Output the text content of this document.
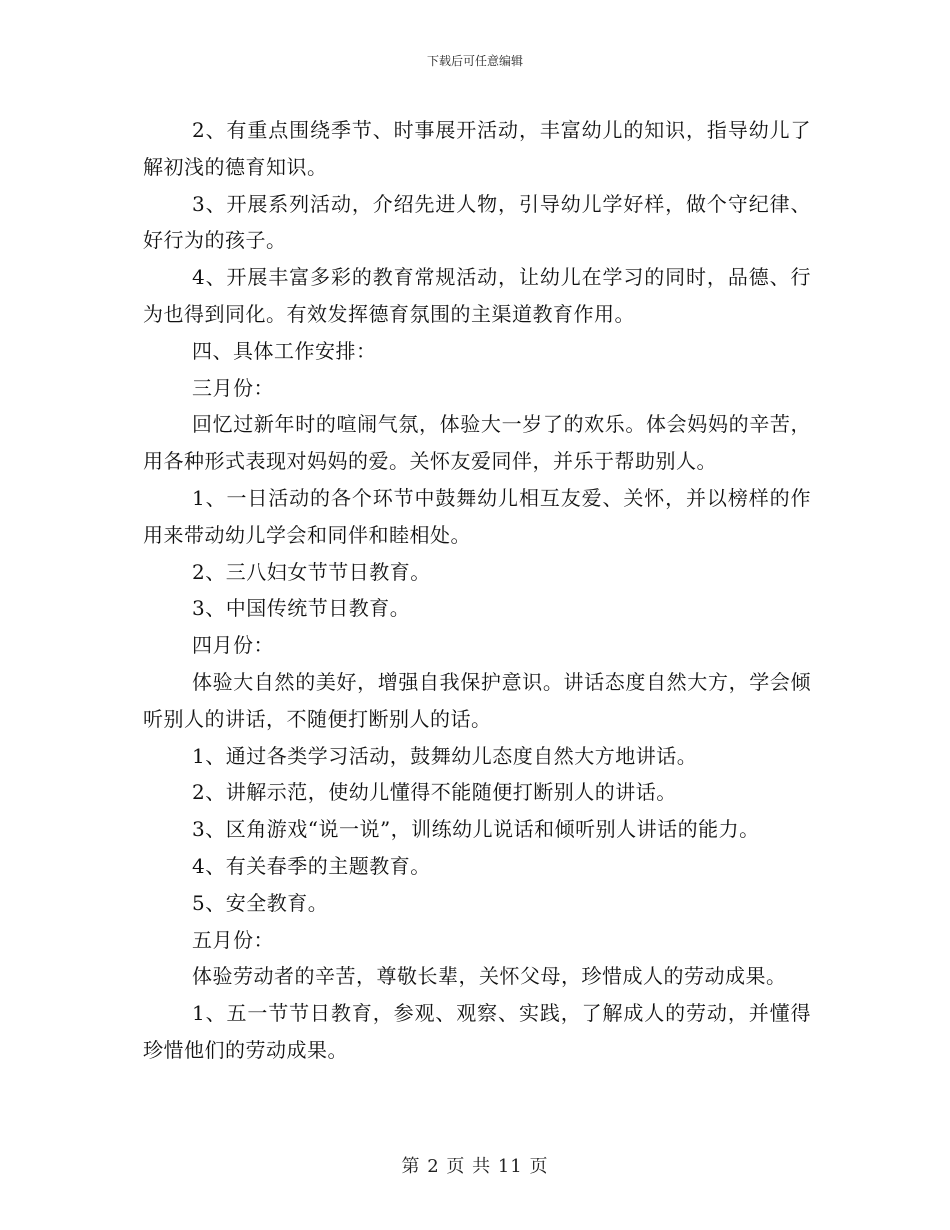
下载后可任意编辑

2、有重点围绕季节、时事展开活动，丰富幼儿的知识，指导幼儿了解初浅的德育知识。

3、开展系列活动，介绍先进人物，引导幼儿学好样，做个守纪律、好行为的孩子。

4、开展丰富多彩的教育常规活动，让幼儿在学习的同时，品德、行为也得到同化。有效发挥德育氛围的主渠道教育作用。

四、具体工作安排：

三月份：

回忆过新年时的喧闹气氛，体验大一岁了的欢乐。体会妈妈的辛苦，用各种形式表现对妈妈的爱。关怀友爱同伴，并乐于帮助别人。

1、一日活动的各个环节中鼓舞幼儿相互友爱、关怀，并以榜样的作用来带动幼儿学会和同伴和睦相处。

2、三八妇女节节日教育。

3、中国传统节日教育。

四月份：

体验大自然的美好，增强自我保护意识。讲话态度自然大方，学会倾听别人的讲话，不随便打断别人的话。

1、通过各类学习活动，鼓舞幼儿态度自然大方地讲话。

2、讲解示范，使幼儿懂得不能随便打断别人的讲话。

3、区角游戏“说一说”，训练幼儿说话和倾听别人讲话的能力。

4、有关春季的主题教育。

5、安全教育。

五月份：

体验劳动者的辛苦，尊敬长辈，关怀父母，珍惜成人的劳动成果。

1、五一节节日教育，参观、观察、实践，了解成人的劳动，并懂得珍惜他们的劳动成果。

第 2 页 共 11 页
